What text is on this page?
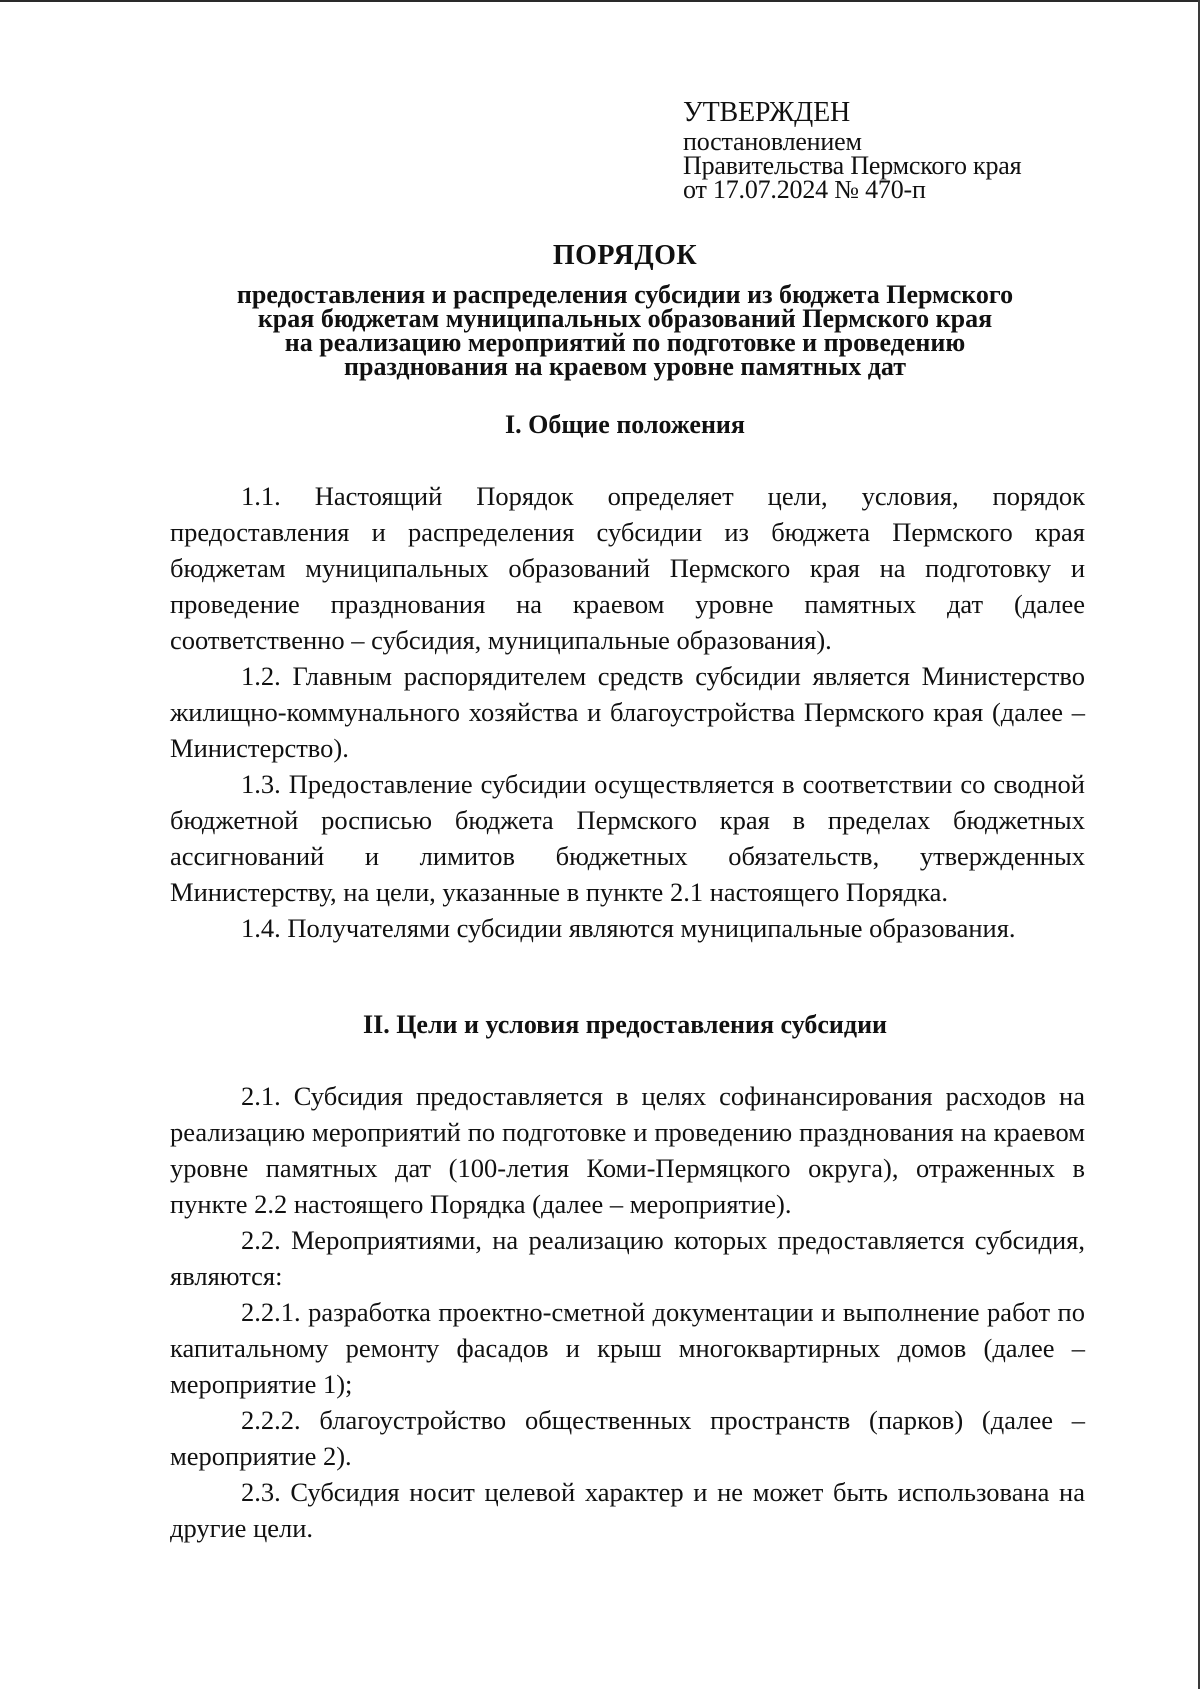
УТВЕРЖДЕН
постановлением
Правительства Пермского края
от 17.07.2024 № 470-п
ПОРЯДОК
предоставления и распределения субсидии из бюджета Пермского
края бюджетам муниципальных образований Пермского края
на реализацию мероприятий по подготовке и проведению
празднования на краевом уровне памятных дат
I. Общие положения

1.1. Настоящий Порядок определяет цели, условия, порядок предоставления и распределения субсидии из бюджета Пермского края бюджетам муниципальных образований Пермского края на подготовку и проведение празднования на краевом уровне памятных дат (далее соответственно – субсидия, муниципальные образования).

1.2. Главным распорядителем средств субсидии является Министерство жилищно-коммунального хозяйства и благоустройства Пермского края (далее – Министерство).

1.3. Предоставление субсидии осуществляется в соответствии со сводной бюджетной росписью бюджета Пермского края в пределах бюджетных ассигнований и лимитов бюджетных обязательств, утвержденных Министерству, на цели, указанные в пункте 2.1 настоящего Порядка.

1.4. Получателями субсидии являются муниципальные образования.

II. Цели и условия предоставления субсидии

2.1. Субсидия предоставляется в целях софинансирования расходов на реализацию мероприятий по подготовке и проведению празднования на краевом уровне памятных дат (100-летия Коми-Пермяцкого округа), отраженных в пункте 2.2 настоящего Порядка (далее – мероприятие).

2.2. Мероприятиями, на реализацию которых предоставляется субсидия, являются:

2.2.1. разработка проектно-сметной документации и выполнение работ по капитальному ремонту фасадов и крыш многоквартирных домов (далее – мероприятие 1);

2.2.2. благоустройство общественных пространств (парков) (далее – мероприятие 2).

2.3. Субсидия носит целевой характер и не может быть использована на другие цели.
